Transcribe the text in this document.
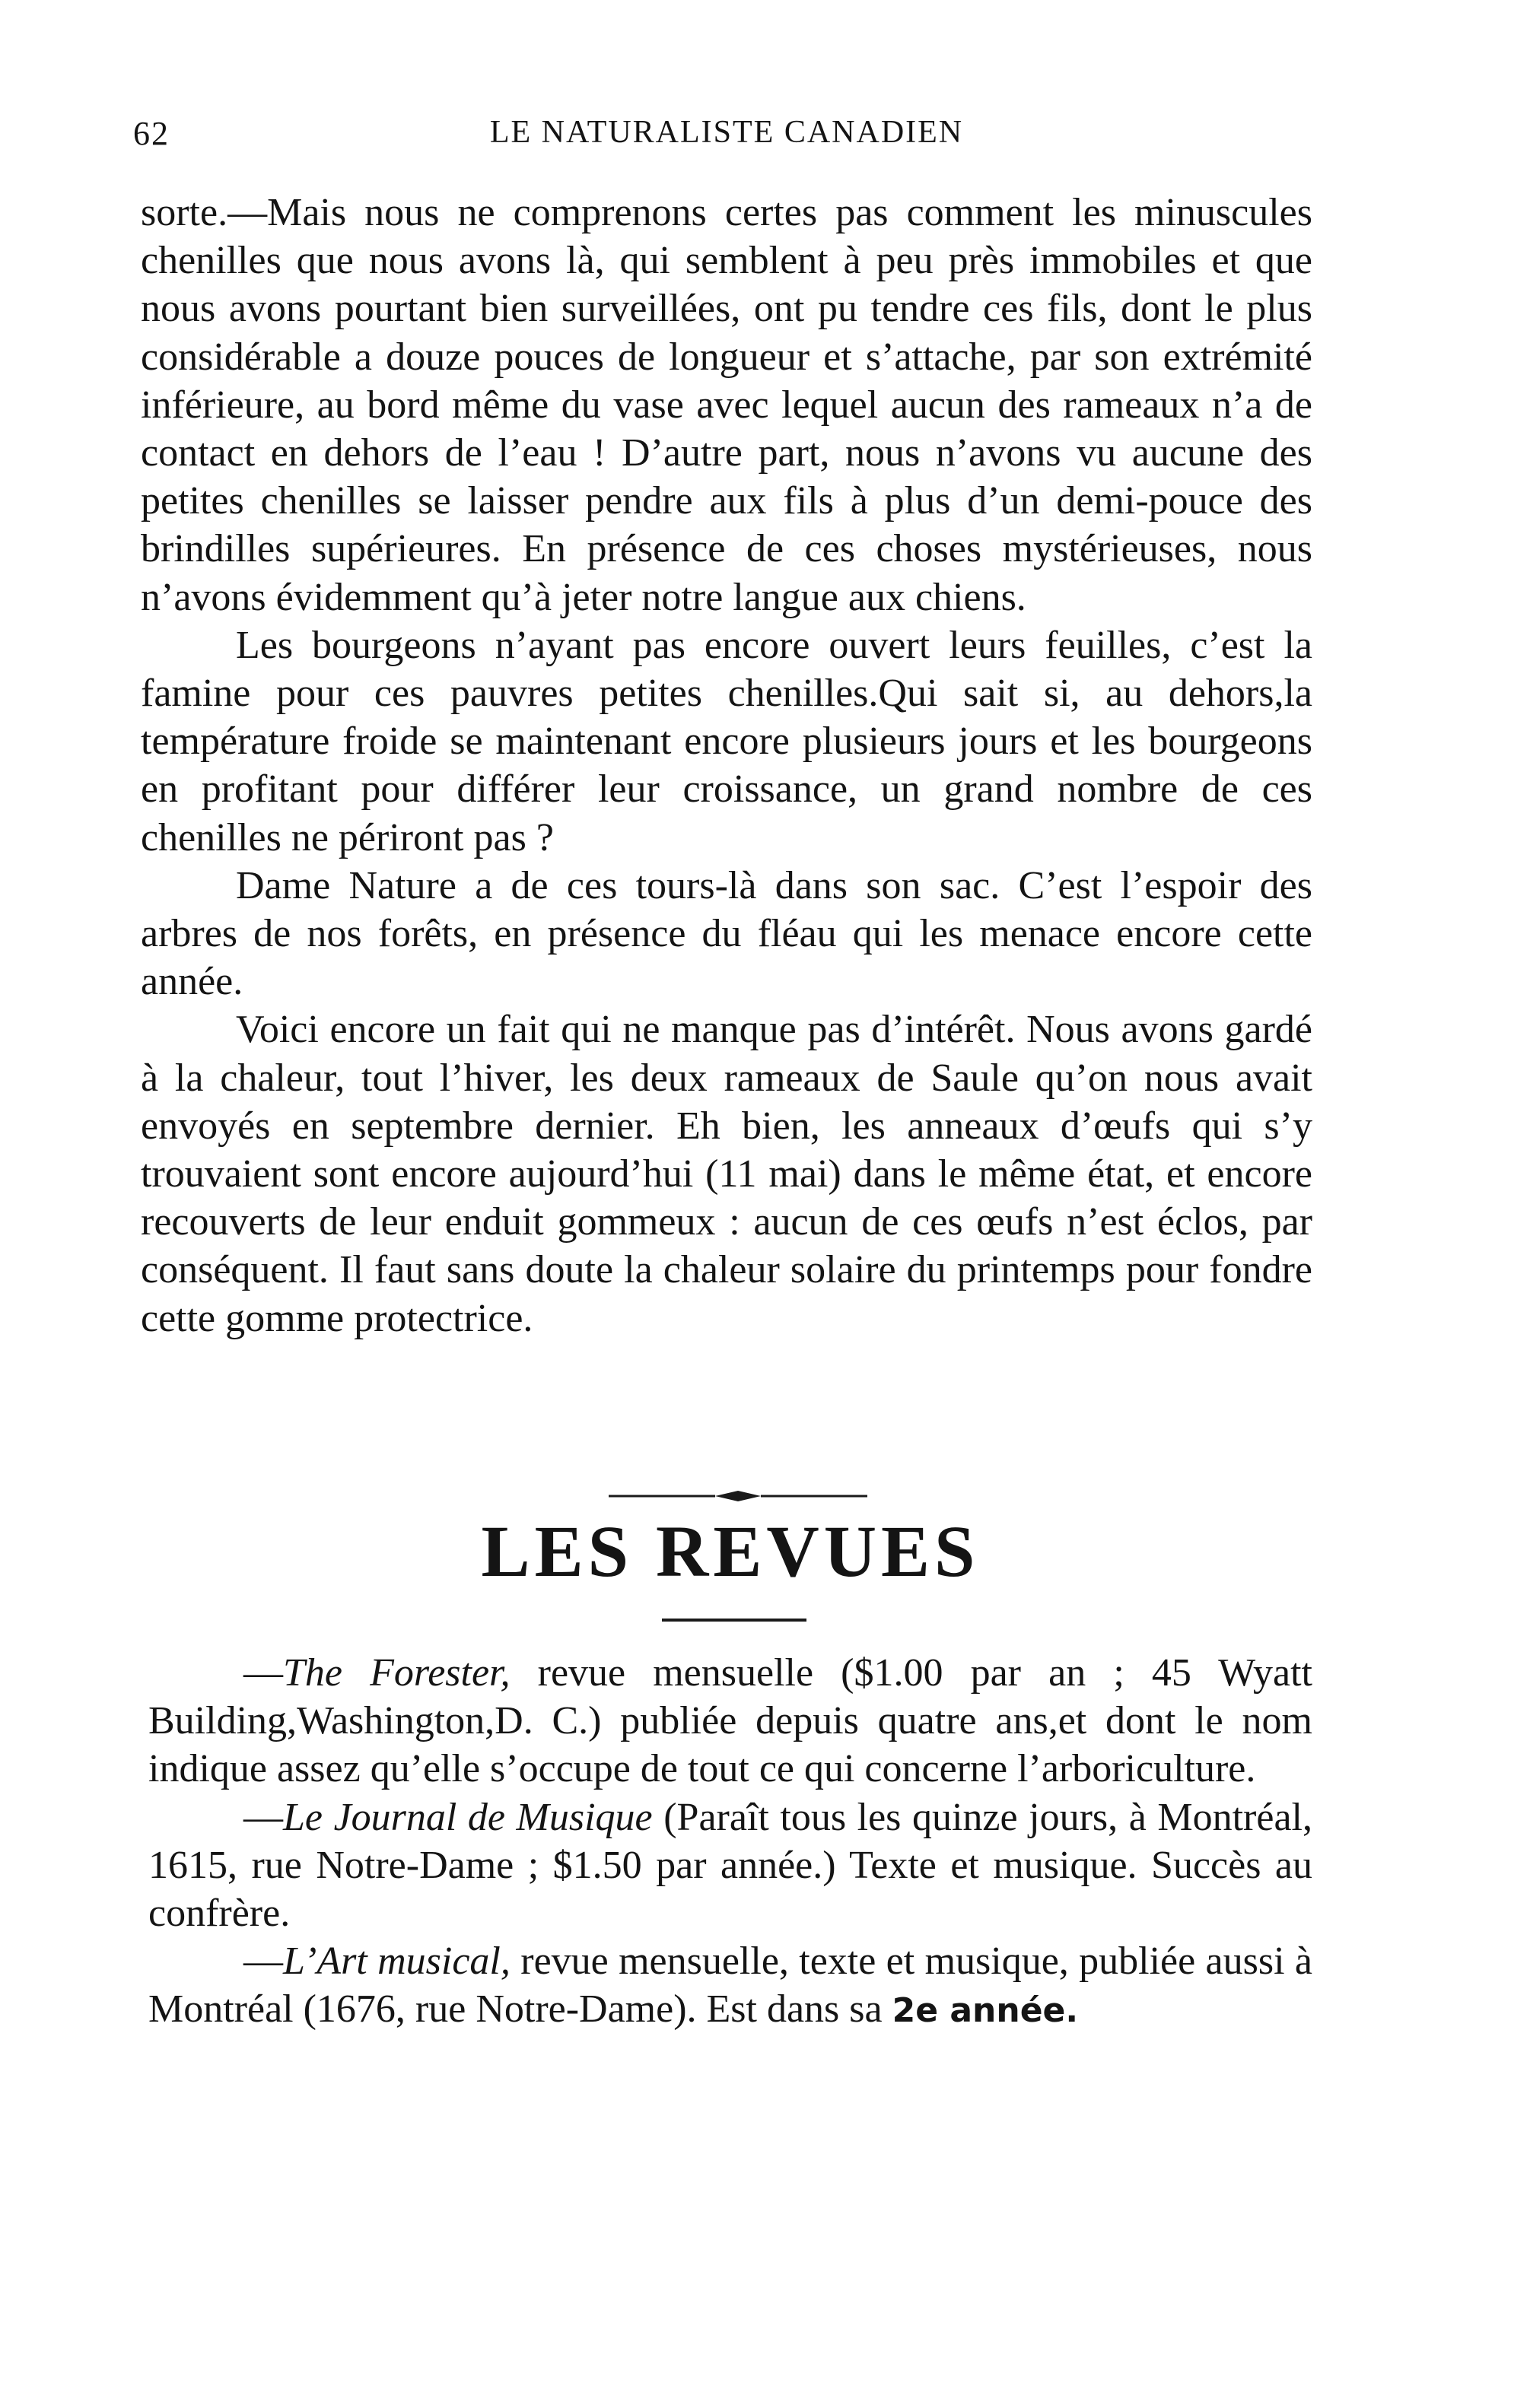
62	LE NATURALISTE CANADIEN

sorte.—Mais nous ne comprenons certes pas comment les minuscules chenilles que nous avons là, qui semblent à peu près immobiles et que nous avons pourtant bien surveillées, ont pu tendre ces fils, dont le plus considérable a douze pouces de longueur et s’attache, par son extrémité inférieure, au bord même du vase avec lequel aucun des rameaux n’a de contact en dehors de l’eau ! D’autre part, nous n’avons vu aucune des petites chenilles se laisser pendre aux fils à plus d’un demi-pouce des brindilles supérieures. En présence de ces choses mystérieuses, nous n’avons évidemment qu’à jeter notre langue aux chiens.

Les bourgeons n’ayant pas encore ouvert leurs feuilles, c’est la famine pour ces pauvres petites chenilles.Qui sait si, au dehors,la température froide se maintenant encore plusieurs jours et les bourgeons en profitant pour différer leur croissance, un grand nombre de ces chenilles ne périront pas ?

Dame Nature a de ces tours-là dans son sac. C’est l’espoir des arbres de nos forêts, en présence du fléau qui les menace encore cette année.

Voici encore un fait qui ne manque pas d’intérêt. Nous avons gardé à la chaleur, tout l’hiver, les deux rameaux de Saule qu’on nous avait envoyés en septembre dernier. Eh bien, les anneaux d’œufs qui s’y trouvaient sont encore aujourd’hui (11 mai) dans le même état, et encore recouverts de leur enduit gommeux : aucun de ces œufs n’est éclos, par conséquent. Il faut sans doute la chaleur solaire du printemps pour fondre cette gomme protectrice.

LES REVUES

—The Forester, revue mensuelle ($1.00 par an ; 45 Wyatt Building,Washington,D. C.) publiée depuis quatre ans,et dont le nom indique assez qu’elle s’occupe de tout ce qui concerne l’arboriculture.

—Le Journal de Musique (Paraît tous les quinze jours, à Montréal, 1615, rue Notre-Dame ; $1.50 par année.) Texte et musique. Succès au confrère.

—L’Art musical, revue mensuelle, texte et musique, publiée aussi à Montréal (1676, rue Notre-Dame). Est dans sa 2e année.
